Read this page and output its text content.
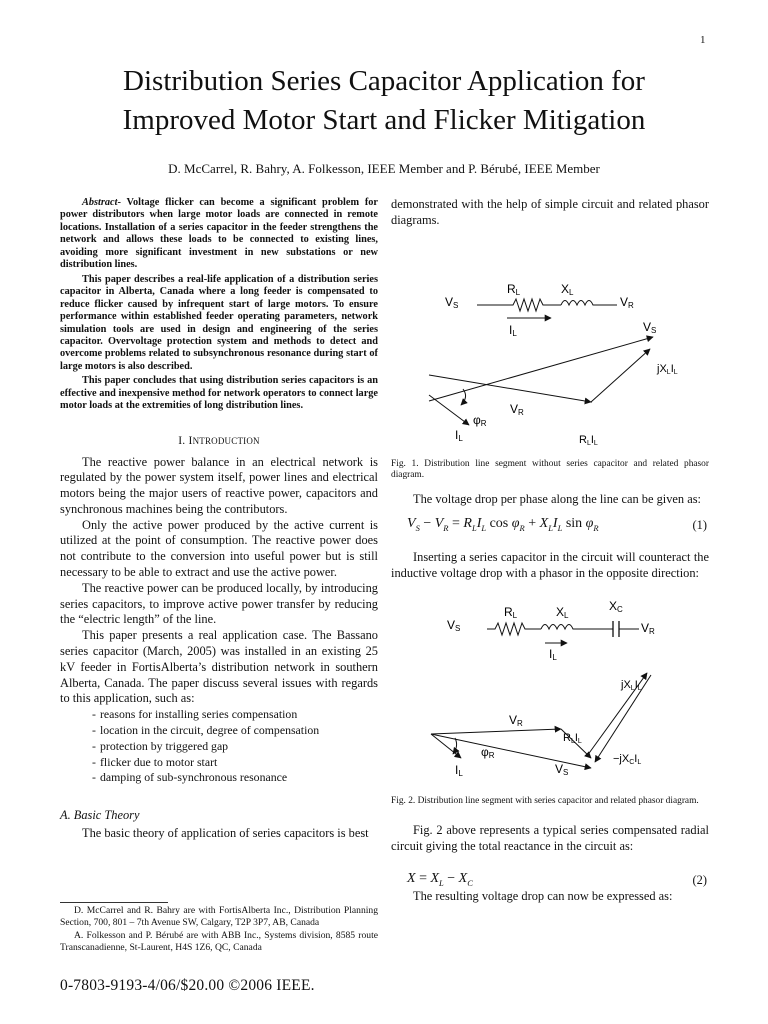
1
Distribution Series Capacitor Application for
Improved Motor Start and Flicker Mitigation
D. McCarrel, R. Bahry, A. Folkesson, IEEE Member and P. Bérubé, IEEE Member

Abstract- Voltage flicker can become a significant problem for power distributors when large motor loads are connected in remote locations. Installation of a series capacitor in the feeder strengthens the network and allows these loads to be connected to existing lines, avoiding more significant investment in new substations or new distribution lines.

This paper describes a real-life application of a distribution series capacitor in Alberta, Canada where a long feeder is compensated to reduce flicker caused by infrequent start of large motors. To ensure performance within established feeder operating parameters, network simulation tools are used in design and engineering of the series capacitor. Overvoltage protection system and methods to detect and overcome problems related to subsynchronous resonance during start of large motors is also described.

This paper concludes that using distribution series capacitors is an effective and inexpensive method for network operators to connect large motor loads at the extremities of long distribution lines.

I. INTRODUCTION

The reactive power balance in an electrical network is regulated by the power system itself, power lines and electrical motors being the major users of reactive power, capacitors and synchronous machines being the contributors.

Only the active power produced by the active current is utilized at the point of consumption. The reactive power does not contribute to the conversion into useful power but is still necessary to be able to extract and use the active power.

The reactive power can be produced locally, by introducing series capacitors, to improve active power transfer by reducing the “electric length” of the line.

This paper presents a real application case. The Bassano series capacitor (March, 2005) was installed in an existing 25 kV feeder in FortisAlberta’s distribution network in southern Alberta, Canada. The paper discuss several issues with regards to this application, such as:

- reasons for installing series compensation
- location in the circuit, degree of compensation
- protection by triggered gap
- flicker due to motor start
- damping of sub-synchronous resonance
A. Basic Theory

The basic theory of application of series capacitors is best

D. McCarrel and R. Bahry are with FortisAlberta Inc., Distribution Planning Section, 700, 801 – 7th Avenue SW, Calgary, T2P 3P7, AB, Canada

A. Folkesson and P. Bérubé are with ABB Inc., Systems division, 8585 route Transcanadienne, St-Laurent, H4S 1Z6, QC, Canada

0-7803-9193-4/06/$20.00 ©2006 IEEE.

demonstrated with the help of simple circuit and related phasor diagrams.

VS
RL	XL
VR
IL	VS
jXLIL
VR
φR
IL	RLIL
Fig. 1. Distribution line segment without series capacitor and related phasor diagram.

The voltage drop per phase along the line can be given as:

$V_S - V_R = R_LI_L$ $\cos \varphi_R + X_LI_L$ $\sin \varphi_R$	(1)

Inserting a series capacitor in the circuit will counteract the inductive voltage drop with a phasor in the opposite direction:

VS
RL	XL
XC
VR
IL
jXLIL
VR
RLIL
φR
IL	VS
−jXCIL
Fig. 2. Distribution line segment with series capacitor and related phasor diagram.

Fig. 2 above represents a typical series compensated radial circuit giving the total reactance in the circuit as:

$X = X_L - X_C$	(2)

The resulting voltage drop can now be expressed as:
